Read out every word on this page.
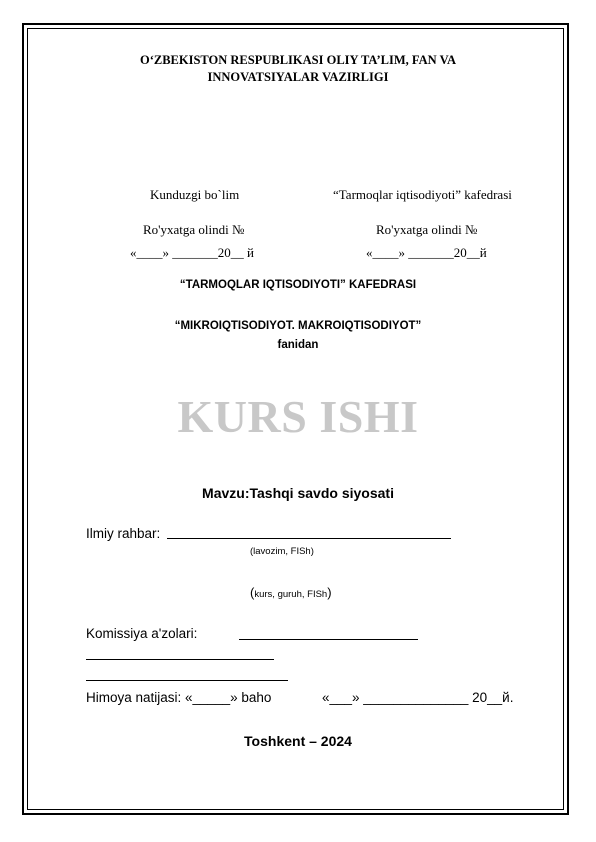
O‘ZBEKISTON RESPUBLIKASI OLIY TA’LIM, FAN VA
INNOVATSIYALAR VAZIRLIGI
Kunduzgi bo`lim	“Tarmoqlar iqtisodiyoti” kafedrasi
Ro'yxatga olindi №	Ro'yxatga olindi №
«____» _______20__ й	«____» _______20__й
“TARMOQLAR IQTISODIYOTI” KAFEDRASI
“MIKROIQTISODIYOT. MAKROIQTISODIYOT”
fanidan
KURS ISHI
Mavzu:Tashqi savdo siyosati
Ilmiy rahbar:
(lavozim, FISh)
(kurs, guruh, FISh)
Komissiya a'zolari:
Himoya natijasi: «_____» baho	«___» ______________ 20__й.
Toshkent – 2024
